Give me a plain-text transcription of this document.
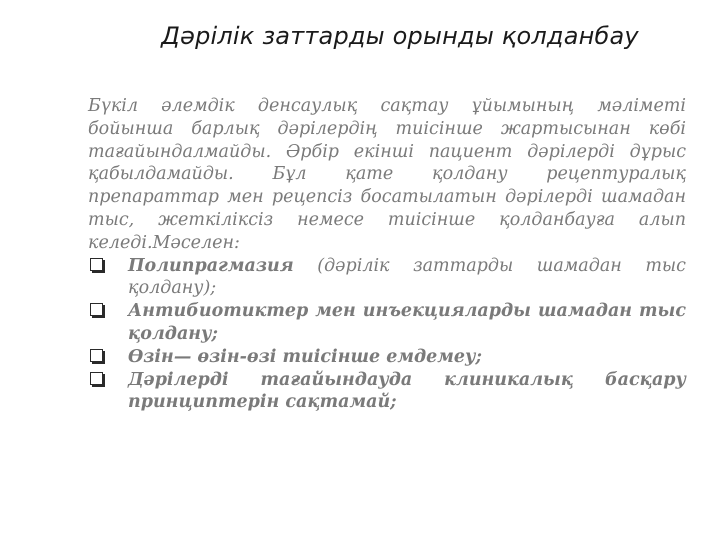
Дәрілік заттарды орынды қолданбау

Бүкіл әлемдік денсаулық сақтау ұйымының мәліметі бойынша барлық дәрілердің тиісінше жартысынан көбі тағайындалмайды. Әрбір екінші пациент дәрілерді дұрыс қабылдамайды. Бұл қате қолдану рецептуралық препараттар мен рецепсіз босатылатын дәрілерді шамадан тыс, жеткіліксіз немесе тиісінше қолданбауға алып келеді.Мәселен:

Полипрагмазия (дәрілік заттарды шамадан тыс қолдану);
Антибиотиктер мен инъекцияларды шамадан тыс қолдану;
Өзін— өзін-өзі тиісінше емдемеу;
Дәрілерді тағайындауда клиникалық басқару принциптерін сақтамай;
